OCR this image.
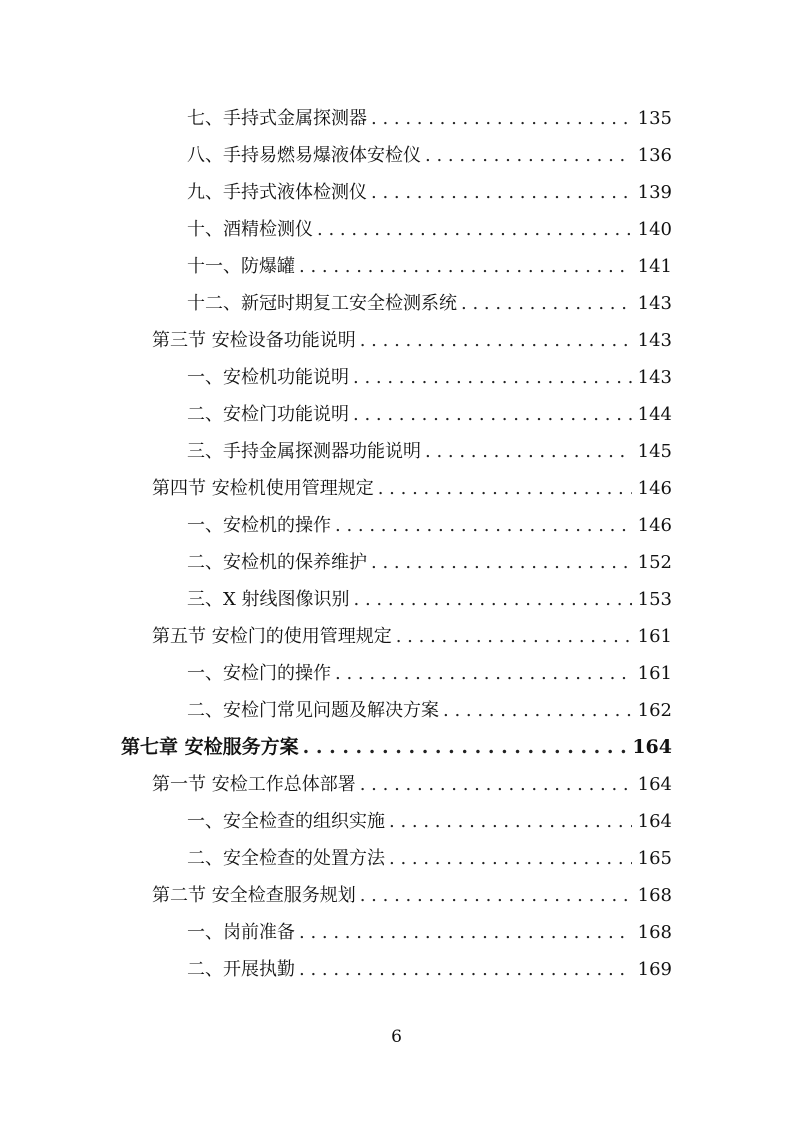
七、手持式金属探测器 . . .	135
八、手持易燃易爆液体安检仪 . . .	136
九、手持式液体检测仪 . . .	139
十、酒精检测仪 . . .	140
十一、防爆罐 . . .	141
十二、新冠时期复工安全检测系统 . . .	143
第三节 安检设备功能说明 . . .	143
一、安检机功能说明 . . .	143
二、安检门功能说明 . . .	144
三、手持金属探测器功能说明 . . .	145
第四节 安检机使用管理规定 . . .	146
一、安检机的操作 . . .	146
二、安检机的保养维护 . . .	152
三、X 射线图像识别 . . .	153
第五节 安检门的使用管理规定 . . .	161
一、安检门的操作 . . .	161
二、安检门常见问题及解决方案 . . .	162
第七章 安检服务方案 . . .	164
第一节 安检工作总体部署 . . .	164
一、安全检查的组织实施 . . .	164
二、安全检查的处置方法 . . .	165
第二节 安全检查服务规划 . . .	168
一、岗前准备 . . .	168
二、开展执勤 . . .	169
6
